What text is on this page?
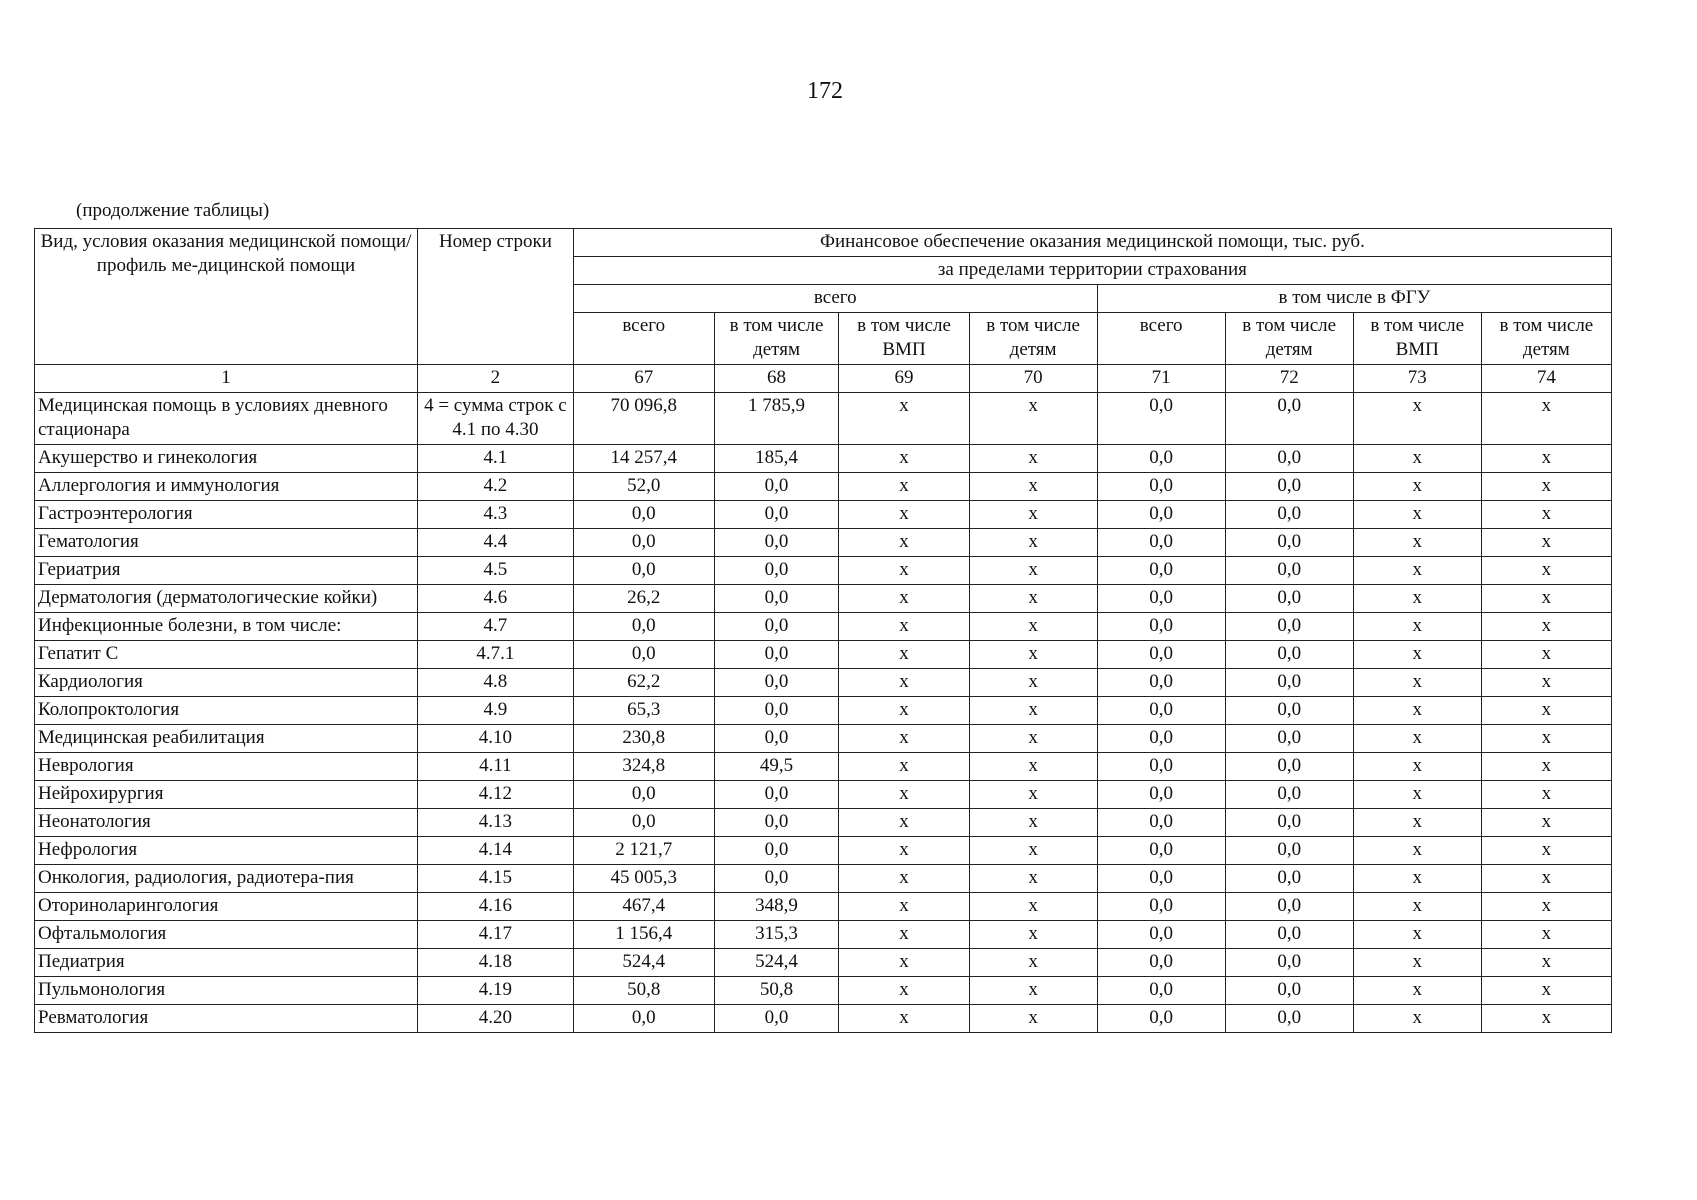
172
(продолжение таблицы)
Вид, условия оказания медицинской помощи/ профиль ме-дицинской помощи	Номер строки	Финансовое обеспечение оказания медицинской помощи, тыс. руб.							
		за пределами территории страхования							
		всего				в том числе в ФГУ			
		всего	в том числе детям	в том числе ВМП	в том числе детям	всего	в том числе детям	в том числе ВМП	в том числе детям
1	2	67	68	69	70	71	72	73	74
Медицинская помощь в условиях дневного стационара	4 = сумма строк с 4.1 по 4.30	70 096,8	1 785,9	х	х	0,0	0,0	х	х
Акушерство и гинекология	4.1	14 257,4	185,4	х	х	0,0	0,0	х	х
Аллергология и иммунология	4.2	52,0	0,0	х	х	0,0	0,0	х	х
Гастроэнтерология	4.3	0,0	0,0	х	х	0,0	0,0	х	х
Гематология	4.4	0,0	0,0	х	х	0,0	0,0	х	х
Гериатрия	4.5	0,0	0,0	х	х	0,0	0,0	х	х
Дерматология (дерматологические койки)	4.6	26,2	0,0	х	х	0,0	0,0	х	х
Инфекционные болезни, в том числе:	4.7	0,0	0,0	х	х	0,0	0,0	х	х
Гепатит С	4.7.1	0,0	0,0	х	х	0,0	0,0	х	х
Кардиология	4.8	62,2	0,0	х	х	0,0	0,0	х	х
Колопроктология	4.9	65,3	0,0	х	х	0,0	0,0	х	х
Медицинская реабилитация	4.10	230,8	0,0	х	х	0,0	0,0	х	х
Неврология	4.11	324,8	49,5	х	х	0,0	0,0	х	х
Нейрохирургия	4.12	0,0	0,0	х	х	0,0	0,0	х	х
Неонатология	4.13	0,0	0,0	х	х	0,0	0,0	х	х
Нефрология	4.14	2 121,7	0,0	х	х	0,0	0,0	х	х
Онкология, радиология, радиотера-пия	4.15	45 005,3	0,0	х	х	0,0	0,0	х	х
Оториноларингология	4.16	467,4	348,9	х	х	0,0	0,0	х	х
Офтальмология	4.17	1 156,4	315,3	х	х	0,0	0,0	х	х
Педиатрия	4.18	524,4	524,4	х	х	0,0	0,0	х	х
Пульмонология	4.19	50,8	50,8	х	х	0,0	0,0	х	х
Ревматология	4.20	0,0	0,0	х	х	0,0	0,0	х	х
